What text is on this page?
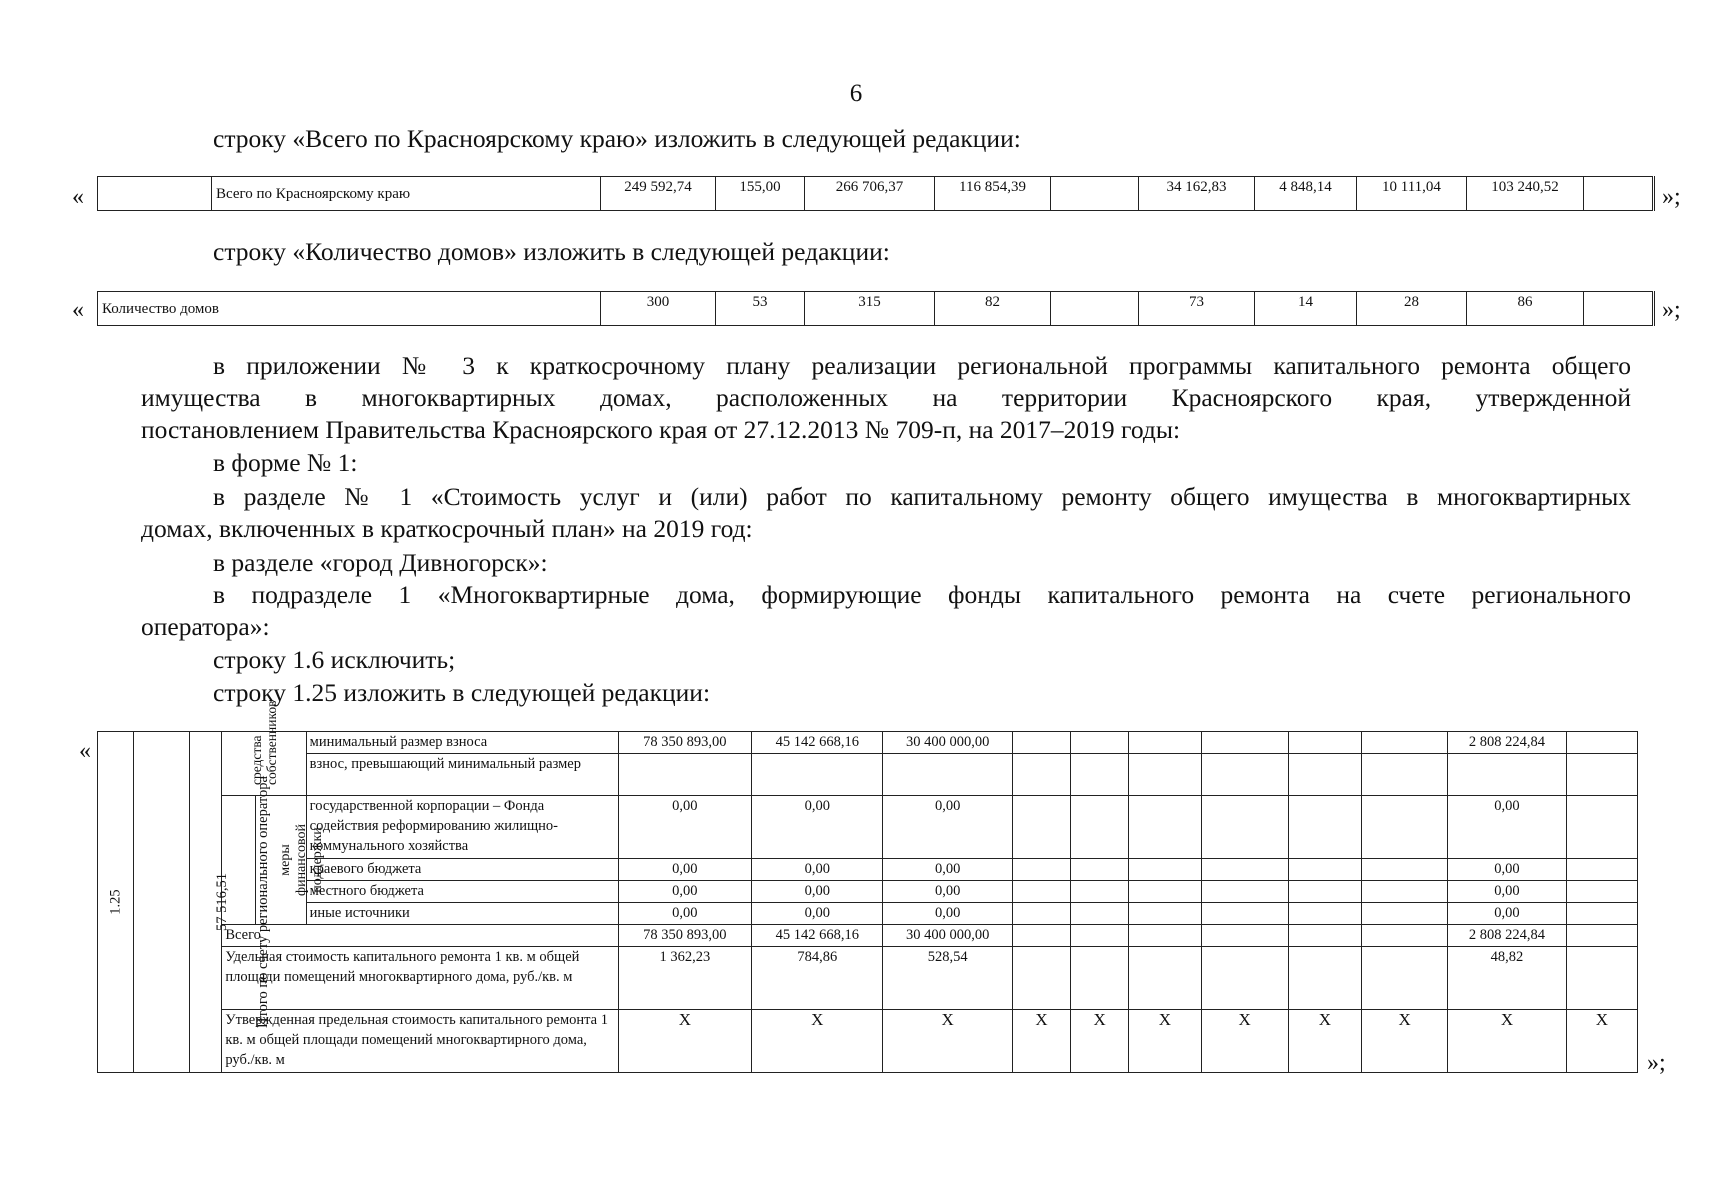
6
строку «Всего по Красноярскому краю» изложить в следующей редакции:
«
		Всего по Красноярскому краю	249 592,74	155,00	266 706,37	116 854,39		34 162,83	4 848,14	10 111,04	103 240,52		»;
строку «Количество домов» изложить в следующей редакции:
« Количество домов	300	53	315	82		73	14	28	86		»;
в приложении № 3 к краткосрочному плану реализации региональной программы капитального ремонта общего
имущества в многоквартирных домах, расположенных на территории Красноярского края, утвержденной
постановлением Правительства Красноярского края от 27.12.2013 № 709-п, на 2017–2019 годы:
в форме № 1:
в разделе № 1 «Стоимость услуг и (или) работ по капитальному ремонту общего имущества в многоквартирных
домах, включенных в краткосрочный план» на 2019 год:
в разделе «город Дивногорск»:
в подразделе 1 «Многоквартирные дома, формирующие фонды капитального ремонта на счете регионального
оператора»:
строку 1.6 исключить;
строку 1.25 изложить в следующей редакции:
«
1.25	Итого по счету регионального оператора	57 516,51	средства собственников		минимальный размер взноса	78 350 893,00	45 142 668,16	30 400 000,00							2 808 224,84	
					взнос, превышающий минимальный размер											
				меры финансовой поддержки	государственной корпорации – Фонда содействия реформированию жилищно-коммунального хозяйства	0,00	0,00	0,00							0,00	
					краевого бюджета	0,00	0,00	0,00							0,00	
					местного бюджета	0,00	0,00	0,00							0,00	
					иные источники	0,00	0,00	0,00							0,00	
			Всего			78 350 893,00	45 142 668,16	30 400 000,00							2 808 224,84	
			Удельная стоимость капитального ремонта 1 кв. м общей площади помещений многоквартирного дома, руб./кв. м			1 362,23	784,86	528,54							48,82	
			Утвержденная предельная стоимость капитального ремонта 1 кв. м общей площади помещений многоквартирного дома, руб./кв. м			Х	Х	Х	Х	Х	Х	Х	Х	Х	Х	Х
»;
